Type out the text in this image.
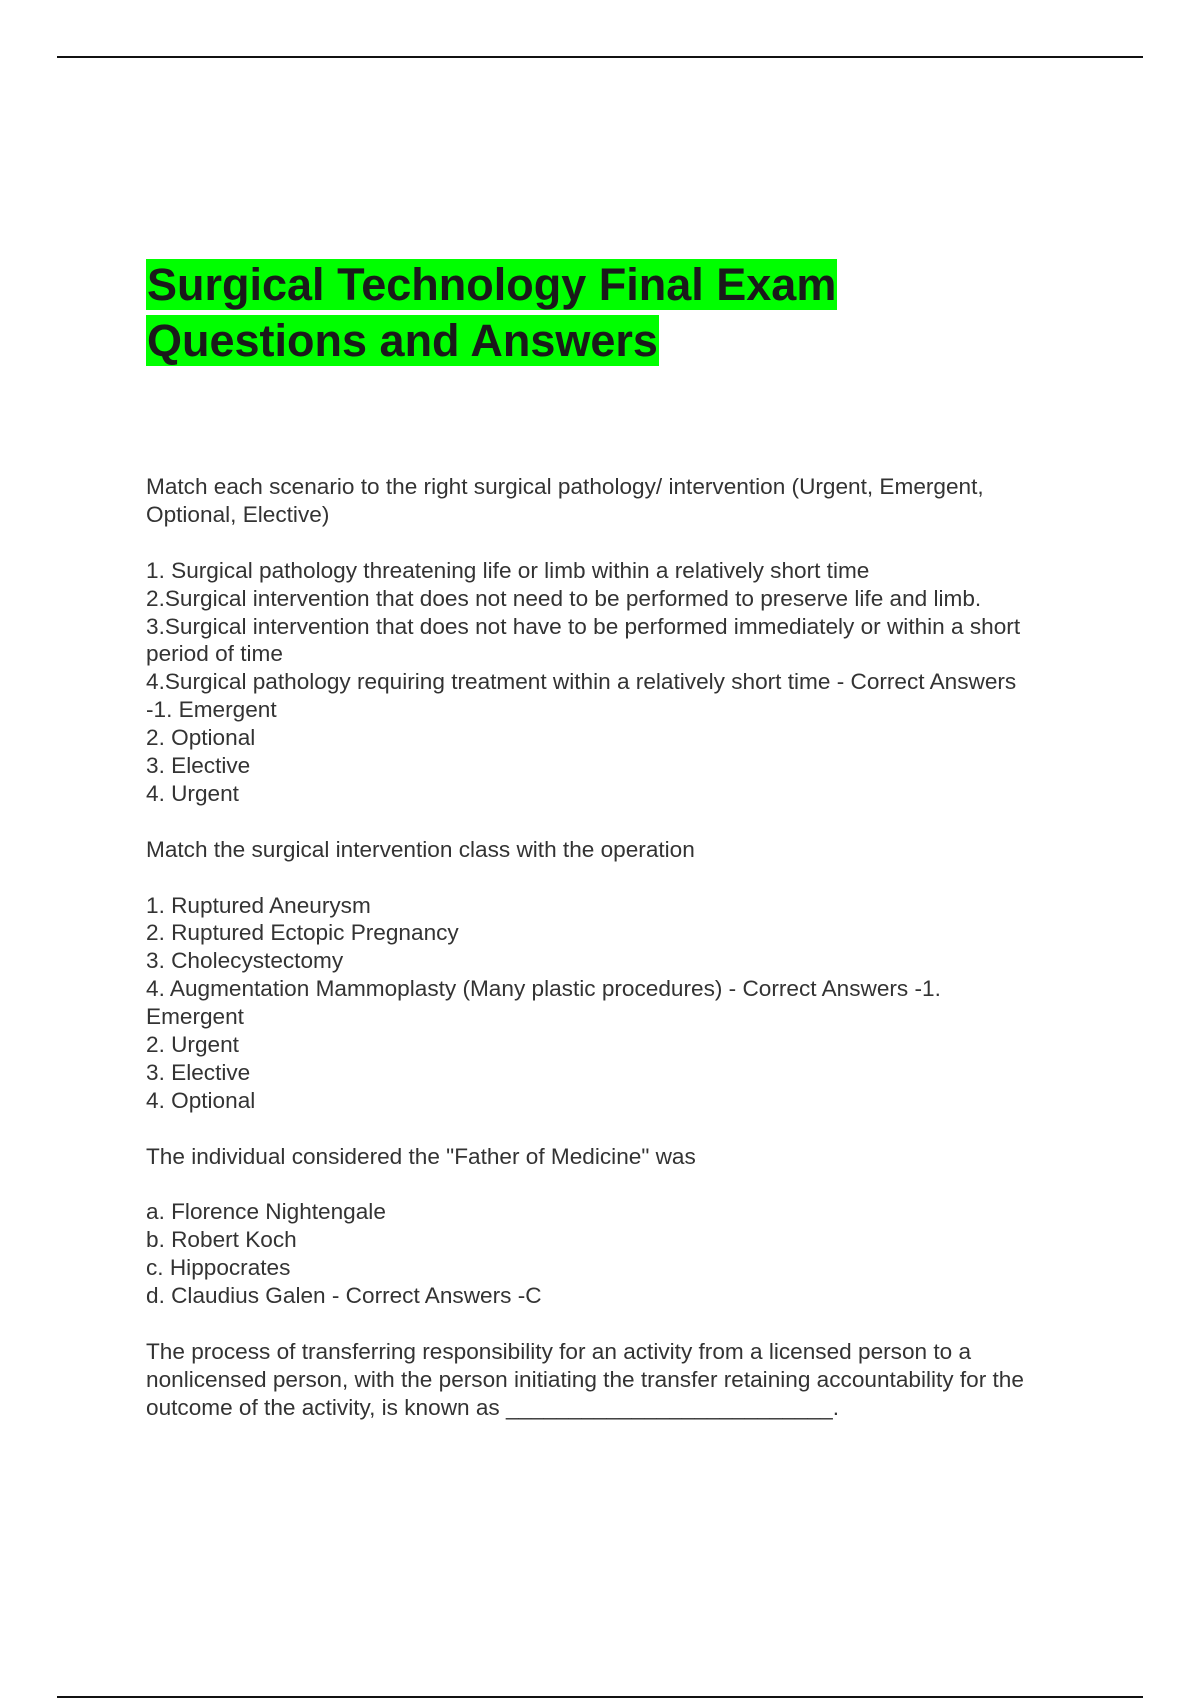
Surgical Technology Final Exam
Questions and Answers
Match each scenario to the right surgical pathology/ intervention (Urgent, Emergent,
Optional, Elective)
1. Surgical pathology threatening life or limb within a relatively short time
2.Surgical intervention that does not need to be performed to preserve life and limb.
3.Surgical intervention that does not have to be performed immediately or within a short
period of time
4.Surgical pathology requiring treatment within a relatively short time - Correct Answers
-1. Emergent
2. Optional
3. Elective
4. Urgent
Match the surgical intervention class with the operation
1. Ruptured Aneurysm
2. Ruptured Ectopic Pregnancy
3. Cholecystectomy
4. Augmentation Mammoplasty (Many plastic procedures) - Correct Answers -1.
Emergent
2. Urgent
3. Elective
4. Optional
The individual considered the "Father of Medicine" was
a. Florence Nightengale
b. Robert Koch
c. Hippocrates
d. Claudius Galen - Correct Answers -C
The process of transferring responsibility for an activity from a licensed person to a
nonlicensed person, with the person initiating the transfer retaining accountability for the
outcome of the activity, is known as __________________________.
